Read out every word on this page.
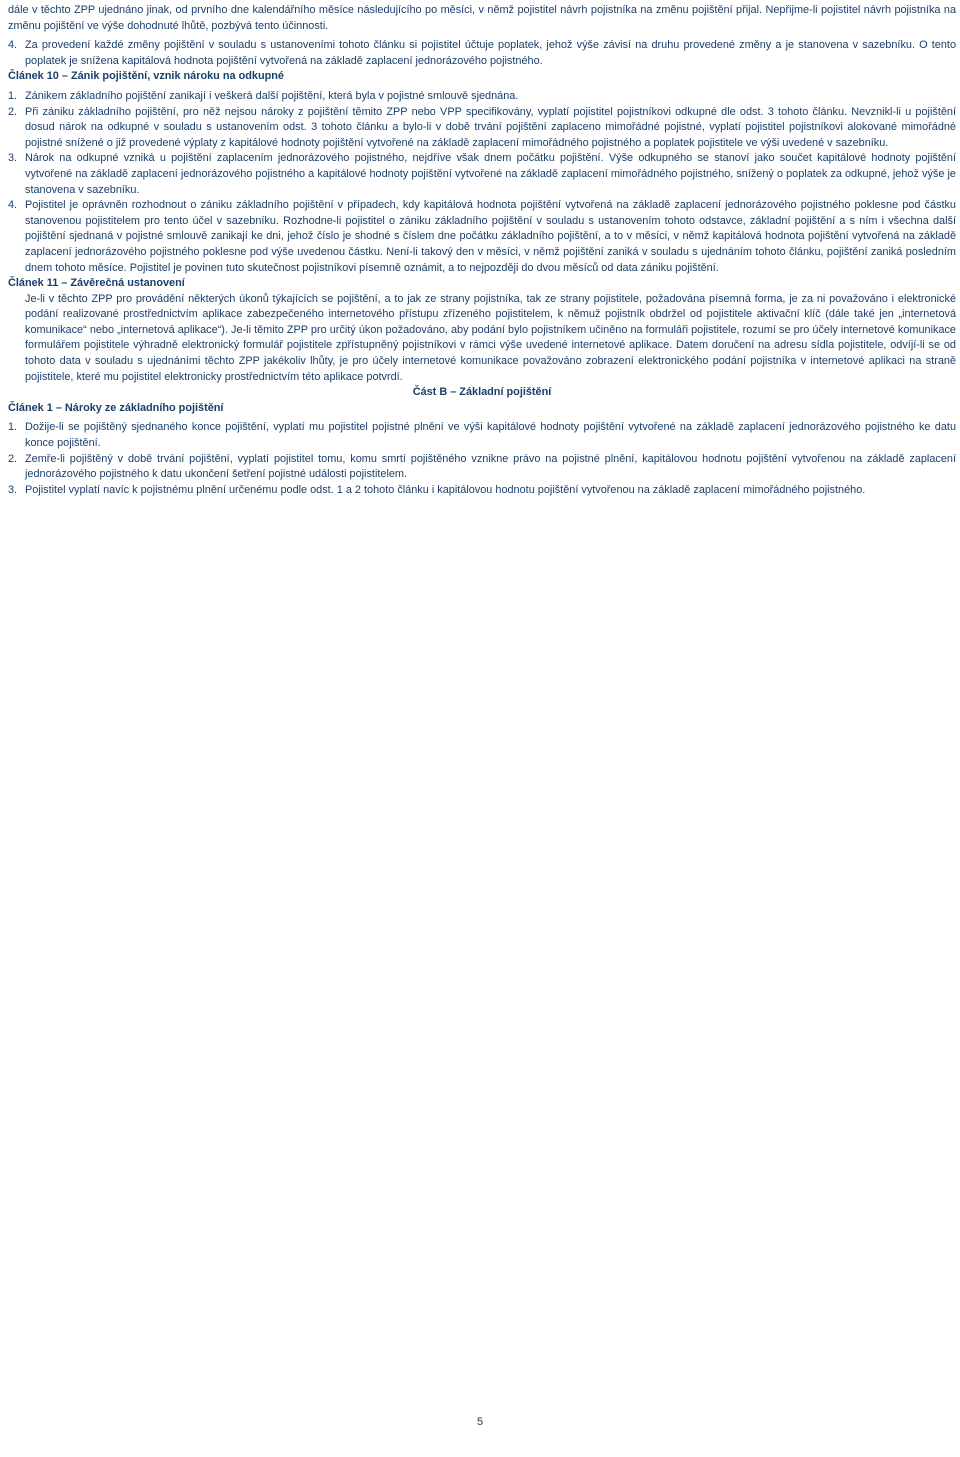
dále v těchto ZPP ujednáno jinak, od prvního dne kalendářního měsíce následujícího po měsíci, v němž pojistitel návrh pojistníka na změnu pojištění přijal. Nepřijme-li pojistitel návrh pojistníka na změnu pojištění ve výše dohodnuté lhůtě, pozbývá tento účinnosti.

4. Za provedení každé změny pojištění v souladu s ustanoveními tohoto článku si pojistitel účtuje poplatek, jehož výše závisí na druhu provedené změny a je stanovena v sazebníku. O tento poplatek je snížena kapitálová hodnota pojištění vytvořená na základě zaplacení jednorázového pojistného.

Článek 10 – Zánik pojištění, vznik nároku na odkupné

1. Zánikem základního pojištění zanikají i veškerá další pojištění, která byla v pojistné smlouvě sjednána.
2. Při zániku základního pojištění, pro něž nejsou nároky z pojištění těmito ZPP nebo VPP specifikovány, vyplatí pojistitel pojistníkovi odkupné dle odst. 3 tohoto článku. Nevznikl-li u pojištění dosud nárok na odkupné v souladu s ustanovením odst. 3 tohoto článku a bylo-li v době trvání pojištění zaplaceno mimořádné pojistné, vyplatí pojistitel pojistníkovi alokované mimořádné pojistné snížené o již provedené výplaty z kapitálové hodnoty pojištění vytvořené na základě zaplacení mimořádného pojistného a poplatek pojistitele ve výši uvedené v sazebníku.
3. Nárok na odkupné vzniká u pojištění zaplacením jednorázového pojistného, nejdříve však dnem počátku pojištění. Výše odkupného se stanoví jako součet kapitálové hodnoty pojištění vytvořené na základě zaplacení jednorázového pojistného a kapitálové hodnoty pojištění vytvořené na základě zaplacení mimořádného pojistného, snížený o poplatek za odkupné, jehož výše je stanovena v sazebníku.
4. Pojistitel je oprávněn rozhodnout o zániku základního pojištění v případech, kdy kapitálová hodnota pojištění vytvořená na základě zaplacení jednorázového pojistného poklesne pod částku stanovenou pojistitelem pro tento účel v sazebníku. Rozhodne-li pojistitel o zániku základního pojištění v souladu s ustanovením tohoto odstavce, základní pojištění a s ním i všechna další pojištění sjednaná v pojistné smlouvě zanikají ke dni, jehož číslo je shodné s číslem dne počátku základního pojištění, a to v měsíci, v němž kapitálová hodnota pojištění vytvořená na základě zaplacení jednorázového pojistného poklesne pod výše uvedenou částku. Není-li takový den v měsíci, v němž pojištění zaniká v souladu s ujednáním tohoto článku, pojištění zaniká posledním dnem tohoto měsíce. Pojistitel je povinen tuto skutečnost pojistníkovi písemně oznámit, a to nejpozději do dvou měsíců od data zániku pojištění.

Článek 11 – Závěrečná ustanovení

Je-li v těchto ZPP pro provádění některých úkonů týkajících se pojištění, a to jak ze strany pojistníka, tak ze strany pojistitele, požadována písemná forma, je za ni považováno i elektronické podání realizované prostřednictvím aplikace zabezpečeného internetového přístupu zřízeného pojistitelem, k němuž pojistník obdržel od pojistitele aktivační klíč (dále také jen „internetová komunikace“ nebo „internetová aplikace“). Je-li těmito ZPP pro určitý úkon požadováno, aby podání bylo pojistníkem učiněno na formuláři pojistitele, rozumí se pro účely internetové komunikace formulářem pojistitele výhradně elektronický formulář pojistitele zpřístupněný pojistníkovi v rámci výše uvedené internetové aplikace. Datem doručení na adresu sídla pojistitele, odvíjí-li se od tohoto data v souladu s ujednáními těchto ZPP jakékoliv lhůty, je pro účely internetové komunikace považováno zobrazení elektronického podání pojistníka v internetové aplikaci na straně pojistitele, které mu pojistitel elektronicky prostřednictvím této aplikace potvrdí.

Část B – Základní pojištění

Článek 1 – Nároky ze základního pojištění

1. Dožije-li se pojištěný sjednaného konce pojištění, vyplatí mu pojistitel pojistné plnění ve výši kapitálové hodnoty pojištění vytvořené na základě zaplacení jednorázového pojistného ke datu konce pojištění.
2. Zemře-li pojištěný v době trvání pojištění, vyplatí pojistitel tomu, komu smrtí pojištěného vznikne právo na pojistné plnění, kapitálovou hodnotu pojištění vytvořenou na základě zaplacení jednorázového pojistného k datu ukončení šetření pojistné události pojistitelem.
3. Pojistitel vyplatí navíc k pojistnému plnění určenému podle odst. 1 a 2 tohoto článku i kapitálovou hodnotu pojištění vytvořenou na základě zaplacení mimořádného pojistného.
5
